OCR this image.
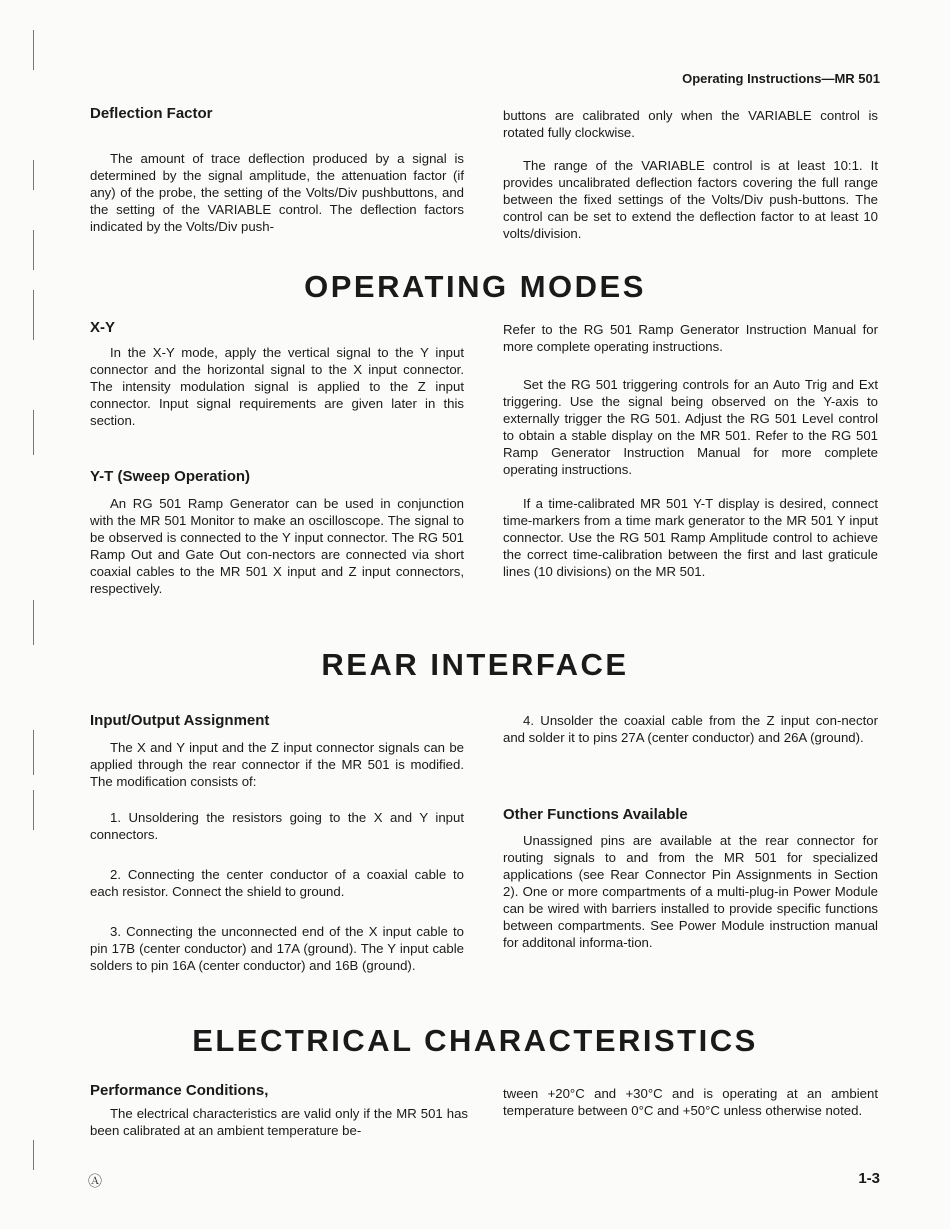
Operating Instructions—MR 501
Deflection Factor

The amount of trace deflection produced by a signal is determined by the signal amplitude, the attenuation factor (if any) of the probe, the setting of the Volts/Div pushbuttons, and the setting of the VARIABLE control. The deflection factors indicated by the Volts/Div push-

buttons are calibrated only when the VARIABLE control is rotated fully clockwise.

The range of the VARIABLE control is at least 10:1. It provides uncalibrated deflection factors covering the full range between the fixed settings of the Volts/Div push-buttons. The control can be set to extend the deflection factor to at least 10 volts/division.

OPERATING MODES
X-Y

In the X-Y mode, apply the vertical signal to the Y input connector and the horizontal signal to the X input connector. The intensity modulation signal is applied to the Z input connector. Input signal requirements are given later in this section.

Y-T (Sweep Operation)

An RG 501 Ramp Generator can be used in conjunction with the MR 501 Monitor to make an oscilloscope. The signal to be observed is connected to the Y input connector. The RG 501 Ramp Out and Gate Out con-nectors are connected via short coaxial cables to the MR 501 X input and Z input connectors, respectively.

Refer to the RG 501 Ramp Generator Instruction Manual for more complete operating instructions.

Set the RG 501 triggering controls for an Auto Trig and Ext triggering. Use the signal being observed on the Y-axis to externally trigger the RG 501. Adjust the RG 501 Level control to obtain a stable display on the MR 501. Refer to the RG 501 Ramp Generator Instruction Manual for more complete operating instructions.

If a time-calibrated MR 501 Y-T display is desired, connect time-markers from a time mark generator to the MR 501 Y input connector. Use the RG 501 Ramp Amplitude control to achieve the correct time-calibration between the first and last graticule lines (10 divisions) on the MR 501.

REAR INTERFACE
Input/Output Assignment

The X and Y input and the Z input connector signals can be applied through the rear connector if the MR 501 is modified. The modification consists of:

1. Unsoldering the resistors going to the X and Y input connectors.

2. Connecting the center conductor of a coaxial cable to each resistor. Connect the shield to ground.

3. Connecting the unconnected end of the X input cable to pin 17B (center conductor) and 17A (ground). The Y input cable solders to pin 16A (center conductor) and 16B (ground).

4. Unsolder the coaxial cable from the Z input con-nector and solder it to pins 27A (center conductor) and 26A (ground).

Other Functions Available

Unassigned pins are available at the rear connector for routing signals to and from the MR 501 for specialized applications (see Rear Connector Pin Assignments in Section 2). One or more compartments of a multi-plug-in Power Module can be wired with barriers installed to provide specific functions between compartments. See Power Module instruction manual for additonal informa-tion.

ELECTRICAL CHARACTERISTICS
Performance Conditions,

The electrical characteristics are valid only if the MR 501 has been calibrated at an ambient temperature be-

tween +20°C and +30°C and is operating at an ambient temperature between 0°C and +50°C unless otherwise noted.

Ⓐ	1-3
